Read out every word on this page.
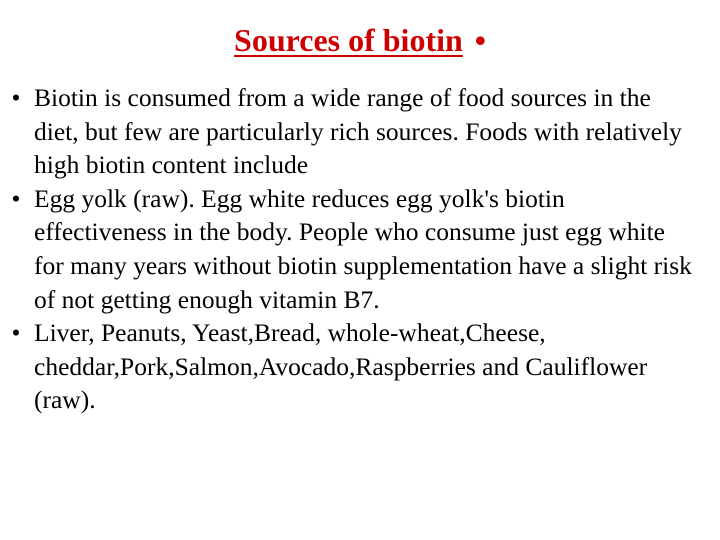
Sources of biotin •
• Biotin is consumed from a wide range of food sources in the diet, but few are particularly rich sources. Foods with relatively high biotin content include
• Egg yolk (raw). Egg white reduces egg yolk's biotin effectiveness in the body. People who consume just egg white for many years without biotin supplementation have a slight risk of not getting enough vitamin B7.
• Liver, Peanuts, Yeast,Bread, whole-wheat,Cheese, cheddar,Pork,Salmon,Avocado,Raspberries and Cauliflower (raw).
